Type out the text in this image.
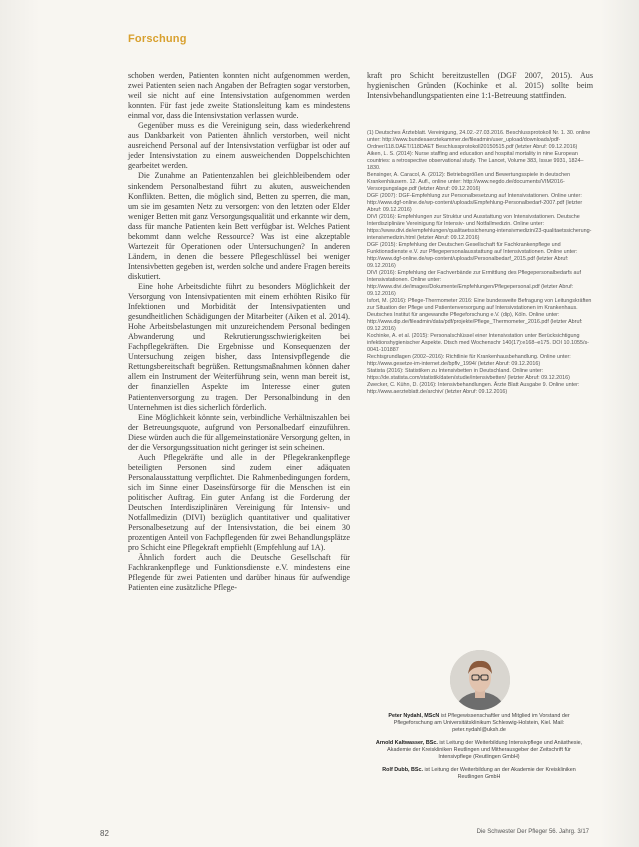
Forschung

schoben werden, Patienten konnten nicht aufgenommen werden, zwei Patienten seien nach Angaben der Befragten sogar verstorben, weil sie nicht auf eine Intensivstation aufgenommen werden konnten. Für fast jede zweite Stationsleitung kam es mindestens einmal vor, dass die Intensivstation verlassen wurde.

Gegenüber muss es die Vereinigung sein, dass wiederkehrend aus Dankbarkeit von Patienten ähnlich verstorben, weil nicht ausreichend Personal auf der Intensivstation verfügbar ist oder auf jeder Intensivstation zu einem ausweichenden Doppelschichten gearbeitet werden.

Die Zunahme an Patientenzahlen bei gleichbleibendem oder sinkendem Personalbestand führt zu akuten, ausweichenden Konflikten. Betten, die möglich sind, Betten zu sperren, die man, um sie im gesamten Netz zu versorgen: von den letzten oder Elder weniger Betten mit ganz Versorgungsqualität und erkannte wir dem, dass für manche Patienten kein Bett verfügbar ist. Welches Patient bekommt dann welche Ressource? Was ist eine akzeptable Wartezeit für Operationen oder Untersuchungen? In anderen Ländern, in denen die bessere Pflegeschlüssel bei weniger Intensivbetten gegeben ist, werden solche und andere Fragen bereits diskutiert.

Eine hohe Arbeitsdichte führt zu besonders Möglichkeit der Versorgung von Intensivpatienten mit einem erhöhten Risiko für Infektionen und Morbidität der Intensivpatienten und gesundheitlichen Schädigungen der Mitarbeiter (Aiken et al. 2014). Hohe Arbeitsbelastungen mit unzureichendem Personal bedingen Abwanderung und Rekrutierungsschwierigkeiten bei Fachpflegekräften. Die Ergebnisse und Konsequenzen der Untersuchung zeigen bisher, dass Intensivpflegende die Rettungsbereitschaft begrüßen. Rettungsmaßnahmen können daher allem ein Instrument der Weiterführung sein, wenn man bereit ist, der finanziellen Aspekte im Interesse einer guten Patientenversorgung zu tragen. Der Personalbindung in den Unternehmen ist dies sicherlich förderlich.

Eine Möglichkeit könnte sein, verbindliche Verhältniszahlen bei der Betreuungsquote, aufgrund von Personalbedarf einzuführen. Diese würden auch die für allgemeinstationäre Versorgung gelten, in der die Versorgungssituation nicht geringer ist sein scheinen.

Auch Pflegekräfte und alle in der Pflegekrankenpflege beteiligten Personen sind zudem einer adäquaten Personalausstattung verpflichtet. Die Rahmenbedingungen fordern, sich im Sinne einer Daseinsfürsorge für die Menschen ist ein politischer Auftrag. Ein guter Anfang ist die Forderung der Deutschen Interdisziplinären Vereinigung für Intensiv- und Notfallmedizin (DIVI) bezüglich quantitativer und qualitativer Personalbesetzung auf der Intensivstation, die bei einem 30 prozentigen Anteil von Fachpflegenden für zwei Behandlungsplätze pro Schicht eine Pflegekraft empfiehlt (Empfehlung auf 1A).

Ähnlich fordert auch die Deutsche Gesellschaft für Fachkrankenpflege und Funktionsdienste e.V. mindestens eine Pflegende für zwei Patienten und darüber hinaus für aufwendige Patienten eine zusätzliche Pflege-

kraft pro Schicht bereitzustellen (DGF 2007, 2015). Aus hygienischen Gründen (Kochinke et al. 2015) sollte beim Intensivbehandlungspatienten eine 1:1-Betreuung stattfinden.

(1) Deutsches Ärzteblatt. Vereinigung, 24.02.-27.03.2016. Beschlussprotokoll Nr. 1. 30. online unter: http://www.bundesaerztekammer.de/fileadmin/user_upload/downloads/pdf-Ordner/118.DAET/118DAET Beschlussprotokoll20150515.pdf (letzter Abruf: 09.12.2016)
Aiken, L. S. (2014): Nurse staffing and education and hospital mortality in nine European countries: a retrospective observational study. The Lancet, Volume 383, Issue 9931, 1824–1830.
Bensinger, A. Caracol, A. (2012): Betriebsgrößen und Bewertungsspiele in deutschen Krankenhäusern. 12. Aufl., online unter: http://www.negdo.de/documents/VIM2016-Versorgungslage.pdf (letzter Abruf: 09.12.2016)
DGF (2007): DGF-Empfehlung zur Personalbesetzung auf Intensivstationen. Online unter: http://www.dgf-online.de/wp-content/uploads/Empfehlung-Personalbedarf-2007.pdf (letzter Abruf: 09.12.2016)
DIVI (2016): Empfehlungen zur Struktur und Ausstattung von Intensivstationen. Deutsche Interdisziplinäre Vereinigung für Intensiv- und Notfallmedizin. Online unter: https://www.divi.de/empfehlungen/qualitaetssicherung-intensivmedizin/23-qualitaetssicherung-intensivmedizin.html (letzter Abruf: 09.12.2016)
DGF (2015): Empfehlung der Deutschen Gesellschaft für Fachkrankenpflege und Funktionsdienste e.V. zur Pflegepersonalausstattung auf Intensivstationen. Online unter: http://www.dgf-online.de/wp-content/uploads/Personalbedarf_2015.pdf (letzter Abruf: 09.12.2016)
DIVI (2016): Empfehlung der Fachverbände zur Ermittlung des Pflegepersonalbedarfs auf Intensivstationen. Online unter: http://www.divi.de/images/Dokumente/Empfehlungen/Pflegepersonal.pdf (letzter Abruf: 09.12.2016)
Isfort, M. (2016): Pflege-Thermometer 2016: Eine bundesweite Befragung von Leitungskräften zur Situation der Pflege und Patientenversorgung auf Intensivstationen im Krankenhaus. Deutsches Institut für angewandte Pflegeforschung e.V. (dip), Köln. Online unter: http://www.dip.de/fileadmin/data/pdf/projekte/Pflege_Thermometer_2016.pdf (letzter Abruf: 09.12.2016)
Kochinke, A. et al. (2015): Personalschlüssel einer Intensivstation unter Berücksichtigung infektionshygienischer Aspekte. Dtsch med Wochenschr 140(17):e168–e175. DOI 10.1055/s-0041-101887
Rechtsgrundlagen (2002–2016): Richtlinie für Krankenhausbehandlung. Online unter: http://www.gesetze-im-internet.de/bpflv_1994/ (letzter Abruf: 09.12.2016)
Statista (2016): Statistiken zu Intensivbetten in Deutschland. Online unter: https://de.statista.com/statistik/daten/studie/intensivbetten/ (letzter Abruf: 09.12.2016)
Zwecker, C. Kühn, D. (2016): Intensivbehandlungen. Ärzte Blatt Ausgabe 9. Online unter: http://www.aerzteblatt.de/archiv/ (letzter Abruf: 09.12.2016)
Peter Nydahl, MScN ist Pflegewissenschaftler und Mitglied im Vorstand der Pflegeforschung am Universitätsklinikum Schleswig-Holstein, Kiel. Mail: peter.nydahl@uksh.de
Arnold Kaltwasser, BSc. ist Leitung der Weiterbildung Intensivpflege und Anästhesie, Akademie der Kreiskliniken Reutlingen und Mitherausgeber der Zeitschrift für Intensivpflege (Reutlingen GmbH)
Rolf Dubb, BSc. ist Leitung der Weiterbildung an der Akademie der Kreiskliniken Reutlingen GmbH
82	Die Schwester Der Pfleger 56. Jahrg. 3/17
